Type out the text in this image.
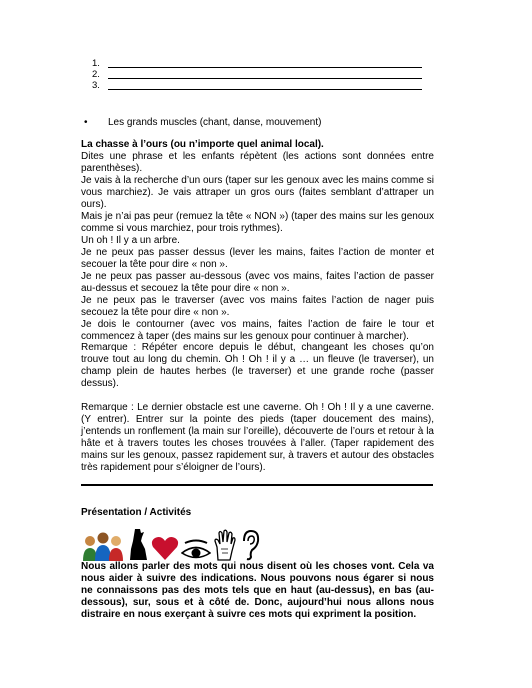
1.
2.
3.
•	Les grands muscles (chant, danse, mouvement)

La chasse à l’ours (ou n’importe quel animal local).

Dites une phrase et les enfants répètent (les actions sont données entre parenthèses).

Je vais à la recherche d’un ours (taper sur les genoux avec les mains comme si vous marchiez). Je vais attraper un gros ours (faites semblant d’attraper un ours).

Mais je n’ai pas peur (remuez la tête « NON ») (taper des mains sur les genoux comme si vous marchiez, pour trois rythmes).

Un oh ! Il y a un arbre.

Je ne peux pas passer dessus (lever les mains, faites l’action de monter et secouer la tête pour dire « non ».

Je ne peux pas passer au-dessous (avec vos mains, faites l’action de passer au-dessus et secouez la tête pour dire « non ».

Je ne peux pas le traverser (avec vos mains faites l’action de nager puis secouez la tête pour dire « non ».

Je dois le contourner (avec vos mains, faites l’action de faire le tour et commencez à taper (des mains sur les genoux pour continuer à marcher).

Remarque : Répéter encore depuis le début, changeant les choses qu’on trouve tout au long du chemin. Oh ! Oh ! il y a … un fleuve (le traverser), un champ plein de hautes herbes (le traverser) et une grande roche (passer dessus).

Remarque : Le dernier obstacle est une caverne. Oh ! Oh ! Il y a une caverne. (Y entrer). Entrer sur la pointe des pieds (taper doucement des mains), j’entends un ronflement (la main sur l’oreille), découverte de l’ours et retour à la hâte et à travers toutes les choses trouvées à l’aller. (Taper rapidement des mains sur les genoux, passez rapidement sur, à travers et autour des obstacles très rapidement pour s’éloigner de l’ours).

Présentation / Activités

Nous allons parler des mots qui nous disent où les choses vont. Cela va nous aider à suivre des indications. Nous pouvons nous égarer si nous ne connaissons pas des mots tels que en haut (au-dessus), en bas (au-dessous), sur, sous et à côté de. Donc, aujourd’hui nous allons nous distraire en nous exerçant à suivre ces mots qui expriment la position.
